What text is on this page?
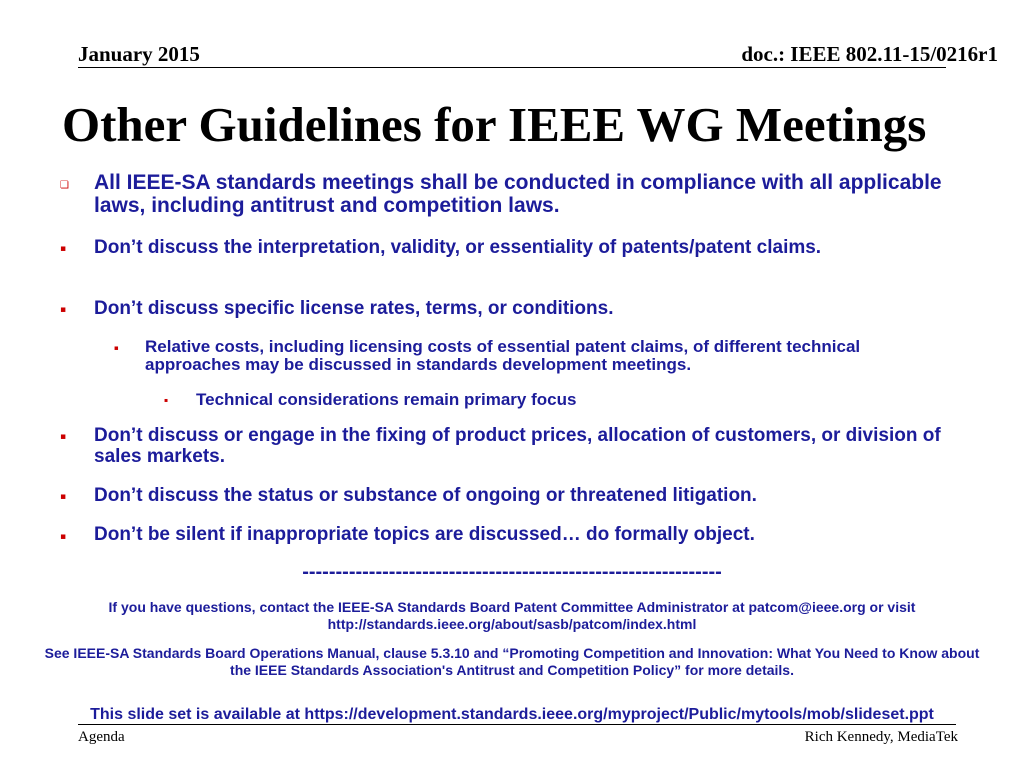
January 2015	doc.: IEEE 802.11-15/0216r1
Other Guidelines for IEEE WG Meetings
❏ All IEEE-SA standards meetings shall be conducted in compliance with all applicable laws, including antitrust and competition laws.
▪ Don’t discuss the interpretation, validity, or essentiality of patents/patent claims.
▪ Don’t discuss specific license rates, terms, or conditions.
▪ Relative costs, including licensing costs of essential patent claims, of different technical approaches may be discussed in standards development meetings.
▪ Technical considerations remain primary focus
▪ Don’t discuss or engage in the fixing of product prices, allocation of customers, or division of sales markets.
▪ Don’t discuss the status or substance of ongoing or threatened litigation.
▪ Don’t be silent if inappropriate topics are discussed… do formally object.
---------------------------------------------------------------
If you have questions, contact the IEEE-SA Standards Board Patent Committee Administrator at patcom@ieee.org or visit http://standards.ieee.org/about/sasb/patcom/index.html
See IEEE-SA Standards Board Operations Manual, clause 5.3.10 and “Promoting Competition and Innovation: What You Need to Know about the IEEE Standards Association's Antitrust and Competition Policy” for more details.
This slide set is available at https://development.standards.ieee.org/myproject/Public/mytools/mob/slideset.ppt
Agenda	Rich Kennedy, MediaTek
